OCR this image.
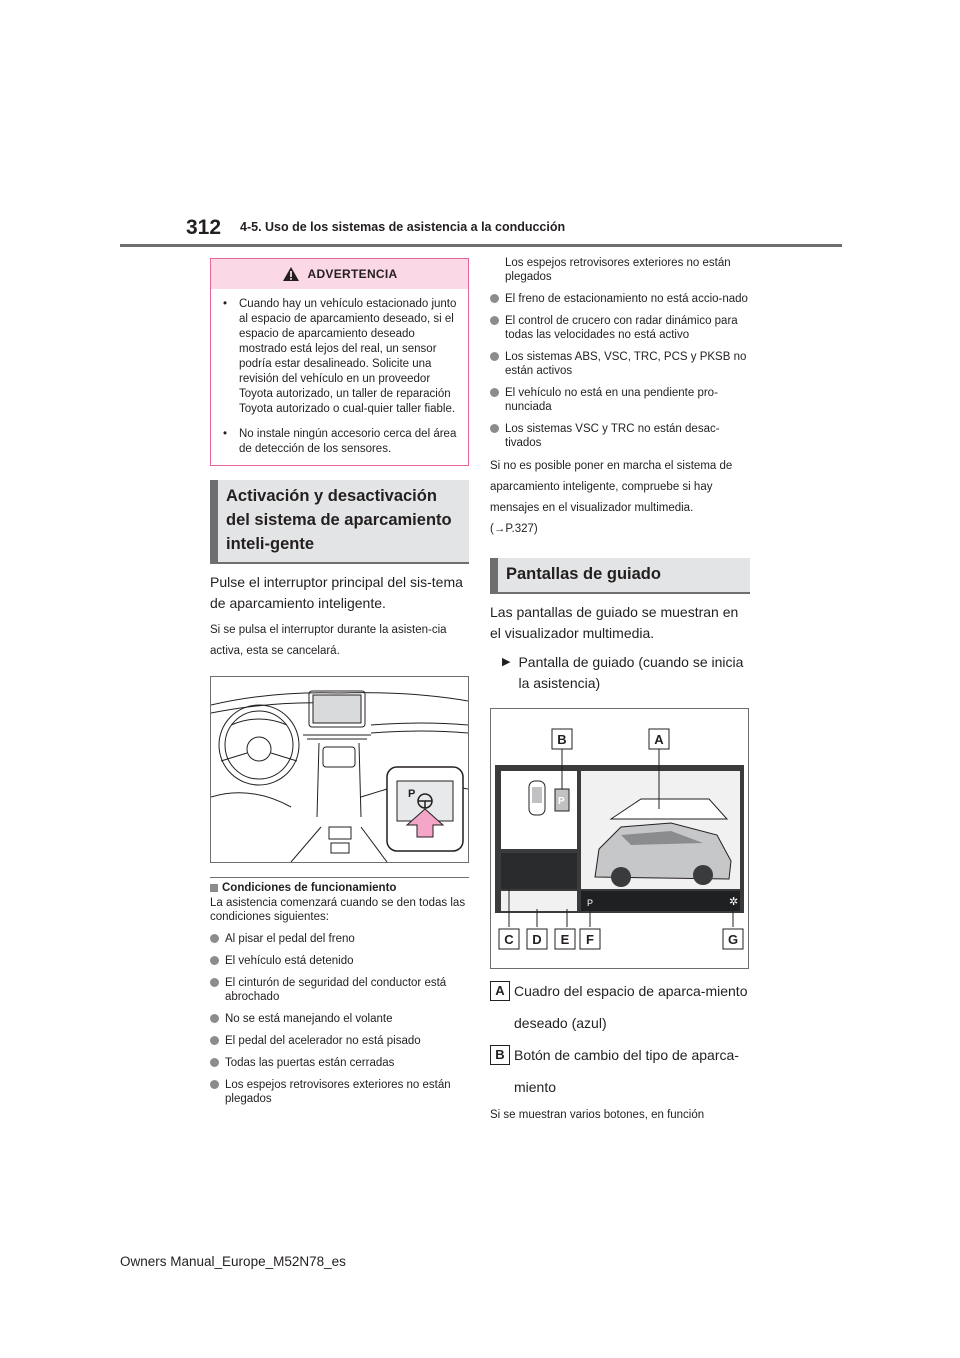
312 4-5. Uso de los sistemas de asistencia a la conducción
ADVERTENCIA
•	Cuando hay un vehículo estacionado junto al espacio de aparcamiento deseado, si el espacio de aparcamiento deseado mostrado está lejos del real, un sensor podría estar desalineado. Solicite una revisión del vehículo en un proveedor Toyota autorizado, un taller de reparación Toyota autorizado o cual-quier taller fiable.
•	No instale ningún accesorio cerca del área de detección de los sensores.
Activación y desactivación del sistema de aparcamiento inteli-gente
Pulse el interruptor principal del sis-tema de aparcamiento inteligente.
Si se pulsa el interruptor durante la asisten-cia activa, esta se cancelará.
P
Condiciones de funcionamiento
La asistencia comenzará cuando se den todas las condiciones siguientes:
Al pisar el pedal del freno
El vehículo está detenido
El cinturón de seguridad del conductor está abrochado
No se está manejando el volante
El pedal del acelerador no está pisado
Todas las puertas están cerradas
Los espejos retrovisores exteriores no están plegados
Los espejos retrovisores exteriores no están plegados
El freno de estacionamiento no está accio-nado
El control de crucero con radar dinámico para todas las velocidades no está activo
Los sistemas ABS, VSC, TRC, PCS y PKSB no están activos
El vehículo no está en una pendiente pro-nunciada
Los sistemas VSC y TRC no están desac-tivados
Si no es posible poner en marcha el sistema de aparcamiento inteligente, compruebe si hay mensajes en el visualizador multimedia.
(→P.327)
Pantallas de guiado
Las pantallas de guiado se muestran en el visualizador multimedia.
▶ Pantalla de guiado (cuando se inicia la asistencia)
P
P	✲
B	A
C D E F	G
A Cuadro del espacio de aparca-miento deseado (azul)
B Botón de cambio del tipo de aparca-miento
Si se muestran varios botones, en función
Owners Manual_Europe_M52N78_es
